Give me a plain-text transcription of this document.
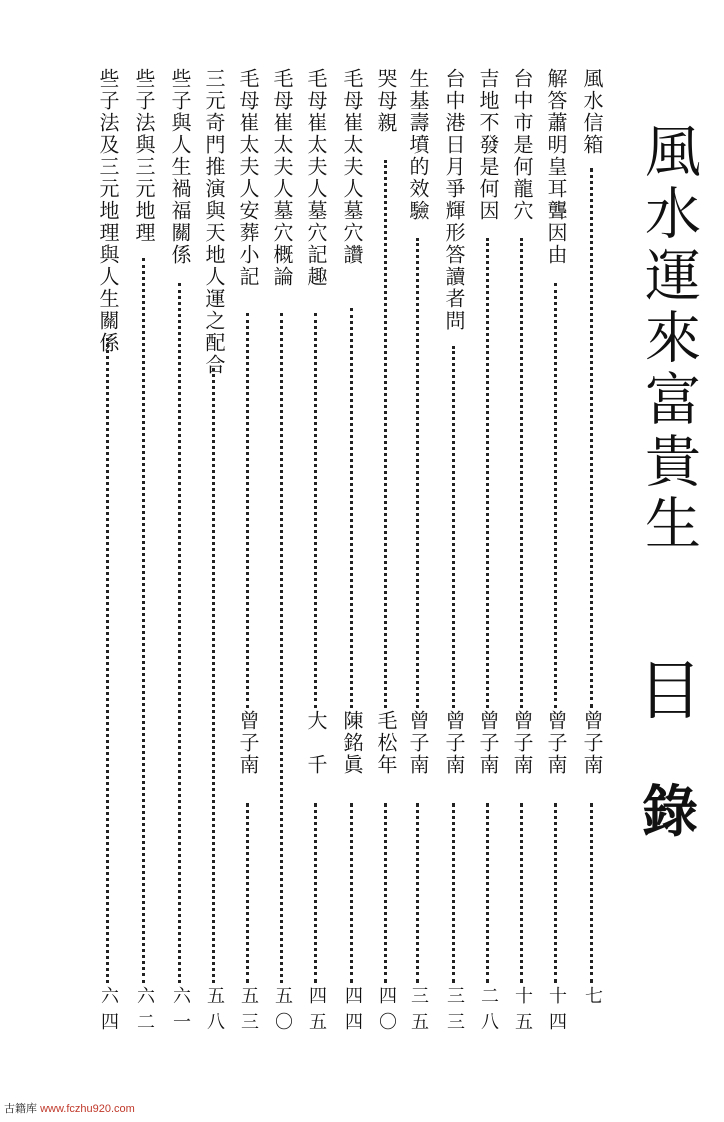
風水運來富貴生
目
錄
風水信箱
曾子南
七
解答蕭明皇耳聾因由
曾子南
十四
台中市是何龍穴
曾子南
十五
吉地不發是何因
曾子南
二八
台中港日月爭輝形答讀者問
曾子南
三三
生基壽墳的效驗
曾子南
三五
哭母親
毛松年
四〇
毛母崔太夫人墓穴讚
陳銘眞
四四
毛母崔太夫人墓穴記趣
大　千
四五
毛母崔太夫人墓穴概論
五〇
毛母崔太夫人安葬小記
曾子南
五三
三元奇門推演與天地人運之配合
五八
些子與人生禍福關係
六一
些子法與三元地理
六二
些子法及三元地理與人生關係
六四
古籍库 www.fczhu920.com
